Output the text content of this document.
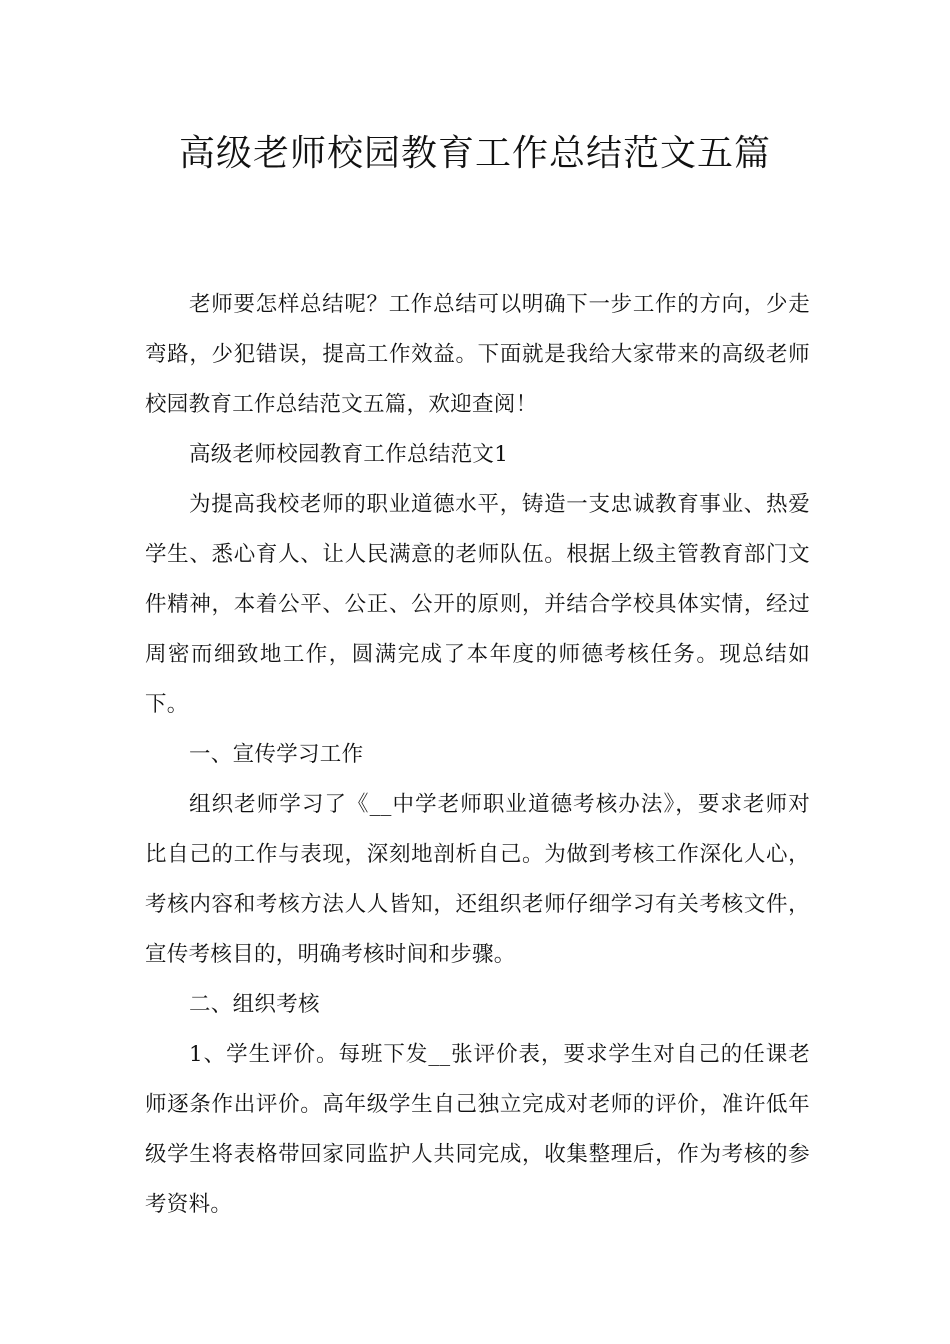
高级老师校园教育工作总结范文五篇

老师要怎样总结呢？工作总结可以明确下一步工作的方向，少走弯路，少犯错误，提高工作效益。下面就是我给大家带来的高级老师校园教育工作总结范文五篇，欢迎查阅！

高级老师校园教育工作总结范文1

为提高我校老师的职业道德水平，铸造一支忠诚教育事业、热爱学生、悉心育人、让人民满意的老师队伍。根据上级主管教育部门文件精神，本着公平、公正、公开的原则，并结合学校具体实情，经过周密而细致地工作，圆满完成了本年度的师德考核任务。现总结如下。

一、宣传学习工作

组织老师学习了《__中学老师职业道德考核办法》，要求老师对比自己的工作与表现，深刻地剖析自己。为做到考核工作深化人心，考核内容和考核方法人人皆知，还组织老师仔细学习有关考核文件，宣传考核目的，明确考核时间和步骤。

二、组织考核

1、学生评价。每班下发__张评价表，要求学生对自己的任课老师逐条作出评价。高年级学生自己独立完成对老师的评价，准许低年级学生将表格带回家同监护人共同完成，收集整理后，作为考核的参考资料。
